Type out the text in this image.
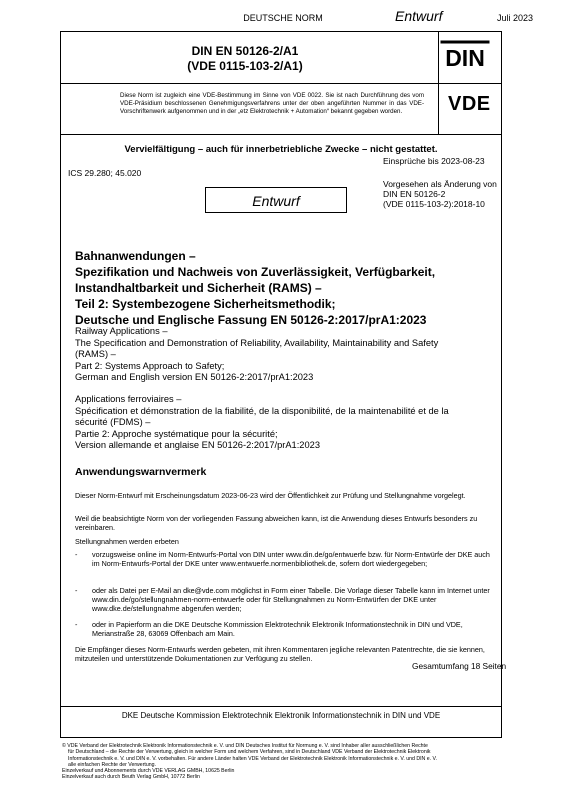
DEUTSCHE NORM	Entwurf	Juli 2023
DIN EN 50126-2/A1
(VDE 0115-103-2/A1)	DIN
Diese Norm ist zugleich eine VDE-Bestimmung im Sinne von VDE 0022. Sie ist nach Durchführung des vom VDE-Präsidium beschlossenen Genehmigungsverfahrens unter der oben angeführten Nummer in das VDE-Vorschriftenwerk aufgenommen und in der „etz Elektrotechnik + Automation“ bekannt gegeben worden.	VDE
Vervielfältigung – auch für innerbetriebliche Zwecke – nicht gestattet.
Einsprüche bis 2023-08-23
ICS 29.280; 45.020
Vorgesehen als Änderung von
DIN EN 50126-2
(VDE 0115-103-2):2018-10
Entwurf
Bahnanwendungen –
Spezifikation und Nachweis von Zuverlässigkeit, Verfügbarkeit,
Instandhaltbarkeit und Sicherheit (RAMS) –
Teil 2: Systembezogene Sicherheitsmethodik;
Deutsche und Englische Fassung EN 50126-2:2017/prA1:2023
Railway Applications –
The Specification and Demonstration of Reliability, Availability, Maintainability and Safety
(RAMS) –
Part 2: Systems Approach to Safety;
German and English version EN 50126-2:2017/prA1:2023
Applications ferroviaires –
Spécification et démonstration de la fiabilité, de la disponibilité, de la maintenabilité et de la
sécurité (FDMS) –
Partie 2: Approche systématique pour la sécurité;
Version allemande et anglaise EN 50126-2:2017/prA1:2023
Anwendungswarnvermerk
Dieser Norm-Entwurf mit Erscheinungsdatum 2023-06-23 wird der Öffentlichkeit zur Prüfung und Stellungnahme vorgelegt.
Weil die beabsichtigte Norm von der vorliegenden Fassung abweichen kann, ist die Anwendung dieses Entwurfs besonders zu vereinbaren.
Stellungnahmen werden erbeten
- vorzugsweise online im Norm-Entwurfs-Portal von DIN unter www.din.de/go/entwuerfe bzw. für Norm-Entwürfe der DKE auch im Norm-Entwurfs-Portal der DKE unter www.entwuerfe.normenbibliothek.de, sofern dort wiedergegeben;
- oder als Datei per E-Mail an dke@vde.com möglichst in Form einer Tabelle. Die Vorlage dieser Tabelle kann im Internet unter www.din.de/go/stellungnahmen-norm-entwuerfe oder für Stellungnahmen zu Norm-Entwürfen der DKE unter www.dke.de/stellungnahme abgerufen werden;
- oder in Papierform an die DKE Deutsche Kommission Elektrotechnik Elektronik Informationstechnik in DIN und VDE, Merianstraße 28, 63069 Offenbach am Main.
Die Empfänger dieses Norm-Entwurfs werden gebeten, mit ihren Kommentaren jegliche relevanten Patentrechte, die sie kennen, mitzuteilen und unterstützende Dokumentationen zur Verfügung zu stellen.
Gesamtumfang 18 Seiten
DKE Deutsche Kommission Elektrotechnik Elektronik Informationstechnik in DIN und VDE
© VDE Verband der Elektrotechnik Elektronik Informationstechnik e. V. und DIN Deutsches Institut für Normung e. V. sind Inhaber aller ausschließlichen Rechte
für Deutschland – die Rechte der Verwertung, gleich in welcher Form und welchem Verfahren, sind in Deutschland VDE Verband der Elektrotechnik Elektronik
Informationstechnik e. V. und DIN e. V. vorbehalten. Für andere Länder halten VDE Verband der Elektrotechnik Elektronik Informationstechnik e. V. und DIN e. V.
alle einfachen Rechte der Verwertung.
Einzelverkauf und Abonnements durch VDE VERLAG GMBH, 10625 Berlin
Einzelverkauf auch durch Beuth Verlag GmbH, 10772 Berlin
